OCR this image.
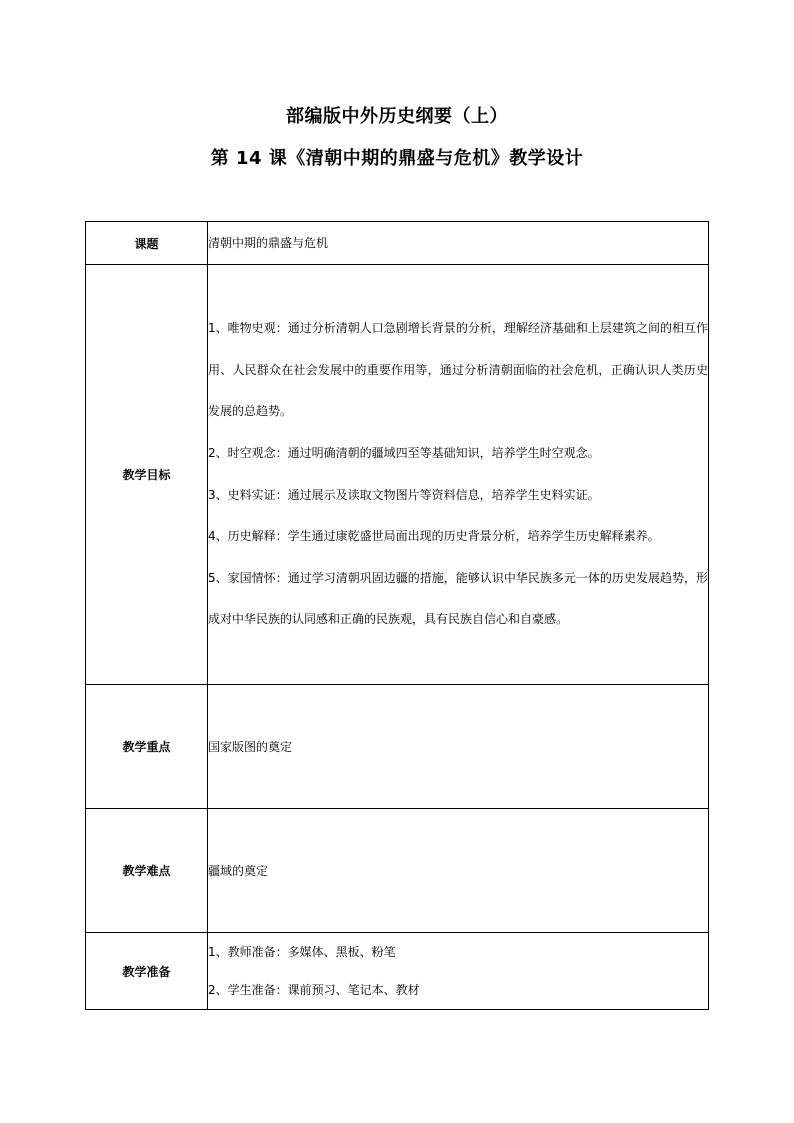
部编版中外历史纲要（上）
第 14 课《清朝中期的鼎盛与危机》教学设计
课题	清朝中期的鼎盛与危机

教学目标	1、唯物史观：通过分析清朝人口急剧增长背景的分析，理解经济基础和上层建筑之间的相互作用、人民群众在社会发展中的重要作用等，通过分析清朝面临的社会危机，正确认识人类历史发展的总趋势。
2、时空观念：通过明确清朝的疆域四至等基础知识，培养学生时空观念。
3、史料实证：通过展示及读取文物图片等资料信息，培养学生史料实证。
4、历史解释：学生通过康乾盛世局面出现的历史背景分析，培养学生历史解释素养。
5、家国情怀：通过学习清朝巩固边疆的措施，能够认识中华民族多元一体的历史发展趋势，形成对中华民族的认同感和正确的民族观，具有民族自信心和自豪感。

教学重点	国家版图的奠定

教学难点	疆域的奠定

教学准备	1、教师准备：多媒体、黑板、粉笔
2、学生准备：课前预习、笔记本、教材
